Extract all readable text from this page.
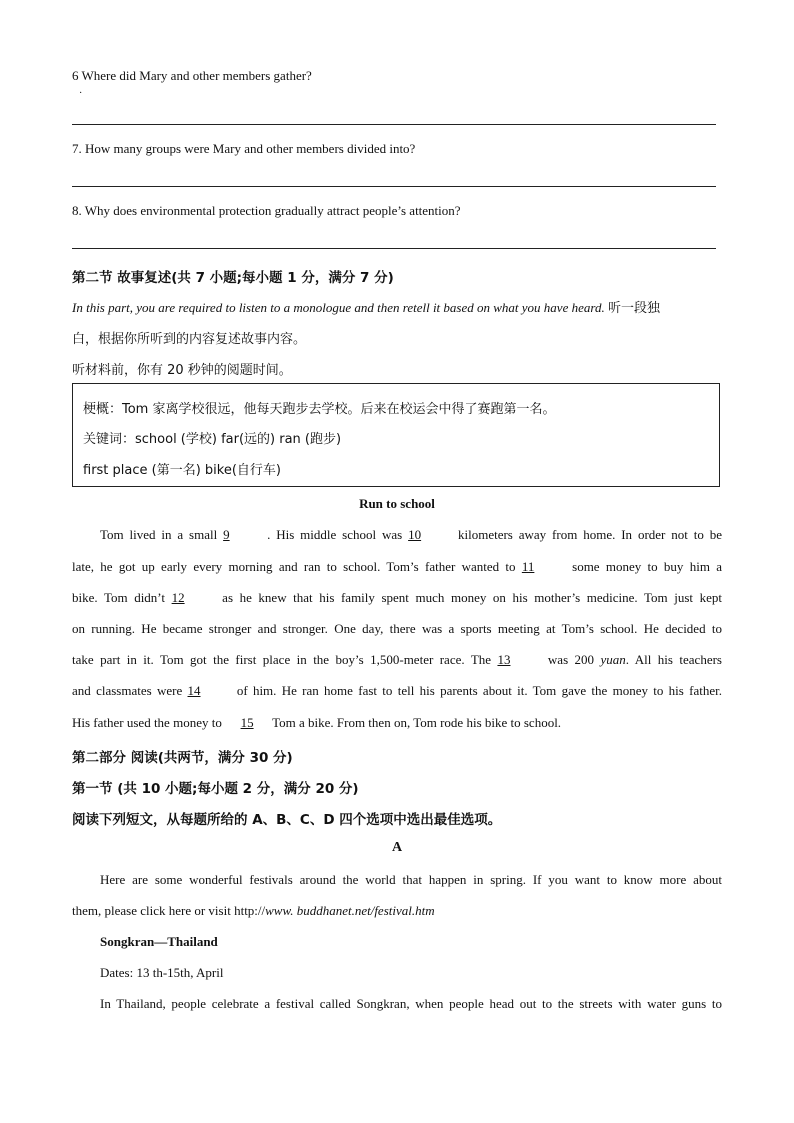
6 Where did Mary and other members gather?
·
7. How many groups were Mary and other members divided into?
8. Why does environmental protection gradually attract people’s attention?
第二节 故事复述(共 7 小题;每小题 1 分，满分 7 分)
In this part, you are required to listen to a monologue and then retell it based on what you have heard. 听一段独
白，根据你所听到的内容复述故事内容。
听材料前，你有 20 秒钟的阅题时间。
梗概：Tom 家离学校很远，他每天跑步去学校。后来在校运会中得了赛跑第一名。
关键词：school (学校) far(远的) ran (跑步)
first place (第一名) bike(自行车)
Run to school
Tom lived in a small 9	. His middle school was 10 kilometers away from home. In order not to be
late, he got up early every morning and ran to school. Tom’s father wanted to 11 some money to buy him a
bike. Tom didn’t 12 as he knew that his family spent much money on his mother’s medicine. Tom just kept
on running. He became stronger and stronger. One day, there was a sports meeting at Tom’s school. He decided to
take part in it. Tom got the first place in the boy’s 1,500-meter race. The 13 was 200 yuan. All his teachers
and classmates were 14 of him. He ran home fast to tell his parents about it. Tom gave the money to his father.
His father used the money to 15 Tom a bike. From then on, Tom rode his bike to school.
第二部分 阅读(共两节，满分 30 分)
第一节 (共 10 小题;每小题 2 分，满分 20 分)
阅读下列短文，从每题所给的 A、B、C、D 四个选项中选出最佳选项。
A
Here are some wonderful festivals around the world that happen in spring. If you want to know more about
them, please click here or visit http://www. buddhanet.net/festival.htm
Songkran—Thailand
Dates: 13 th-15th, April
In Thailand, people celebrate a festival called Songkran, when people head out to the streets with water guns to
